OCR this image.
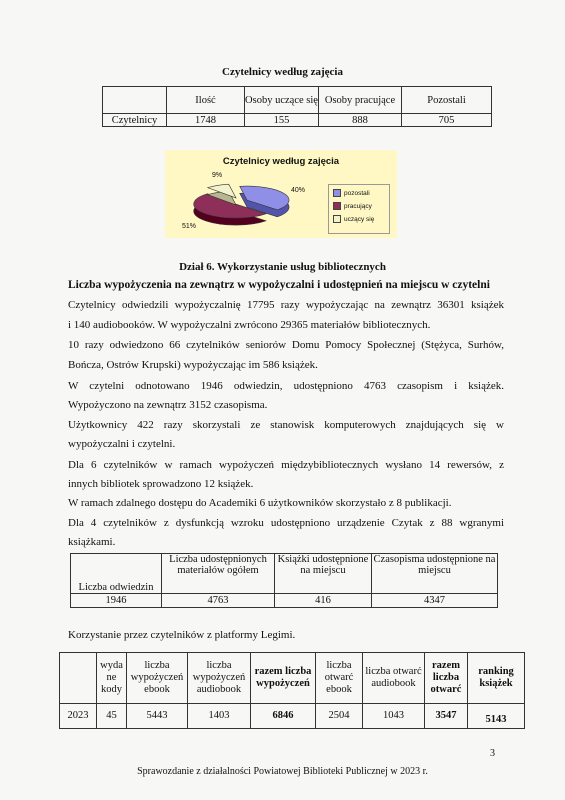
Czytelnicy według zajęcia
	Ilość	Osoby uczące się	Osoby pracujące	Pozostali
Czytelnicy	1748	155	888	705
Czytelnicy według zajęcia
9%
40%
51%
pozostali
pracujący
uczący się
Dział 6. Wykorzystanie usług bibliotecznych
Liczba wypożyczenia na zewnątrz w wypożyczalni i udostępnień na miejscu w czytelni
Czytelnicy odwiedzili wypożyczalnię 17795 razy wypożyczając na zewnątrz 36301 książek
i 140 audiobooków. W wypożyczalni zwrócono 29365 materiałów bibliotecznych.
10 razy odwiedzono 66 czytelników seniorów Domu Pomocy Społecznej (Stężyca, Surhów,
Bończa, Ostrów Krupski) wypożyczając im 586 książek.
W czytelni odnotowano 1946 odwiedzin, udostępniono 4763 czasopism i książek.
Wypożyczono na zewnątrz 3152 czasopisma.
Użytkownicy 422 razy skorzystali ze stanowisk komputerowych znajdujących się w
wypożyczalni i czytelni.
Dla 6 czytelników w ramach wypożyczeń międzybibliotecznych wysłano 14 rewersów, z
innych bibliotek sprowadzono 12 książek.
W ramach zdalnego dostępu do Academiki 6 użytkowników skorzystało z 8 publikacji.
Dla 4 czytelników z dysfunkcją wzroku udostępniono urządzenie Czytak z 88 wgranymi
książkami.
Liczba odwiedzin	Liczba udostępnionych materiałów ogółem	Książki udostępnione na miejscu	Czasopisma udostępnione na miejscu
1946	4763	416	4347
Korzystanie przez czytelników z platformy Legimi.
	wyda ne kody	liczba wypożyczeń ebook	liczba wypożyczeń audiobook	razem liczba wypożyczeń	liczba otwarć ebook	liczba otwarć audiobook	razem liczba otwarć	ranking książek
2023	45	5443	1403	6846	2504	1043	3547	5143
3
Sprawozdanie z działalności Powiatowej Biblioteki Publicznej w 2023 r.
